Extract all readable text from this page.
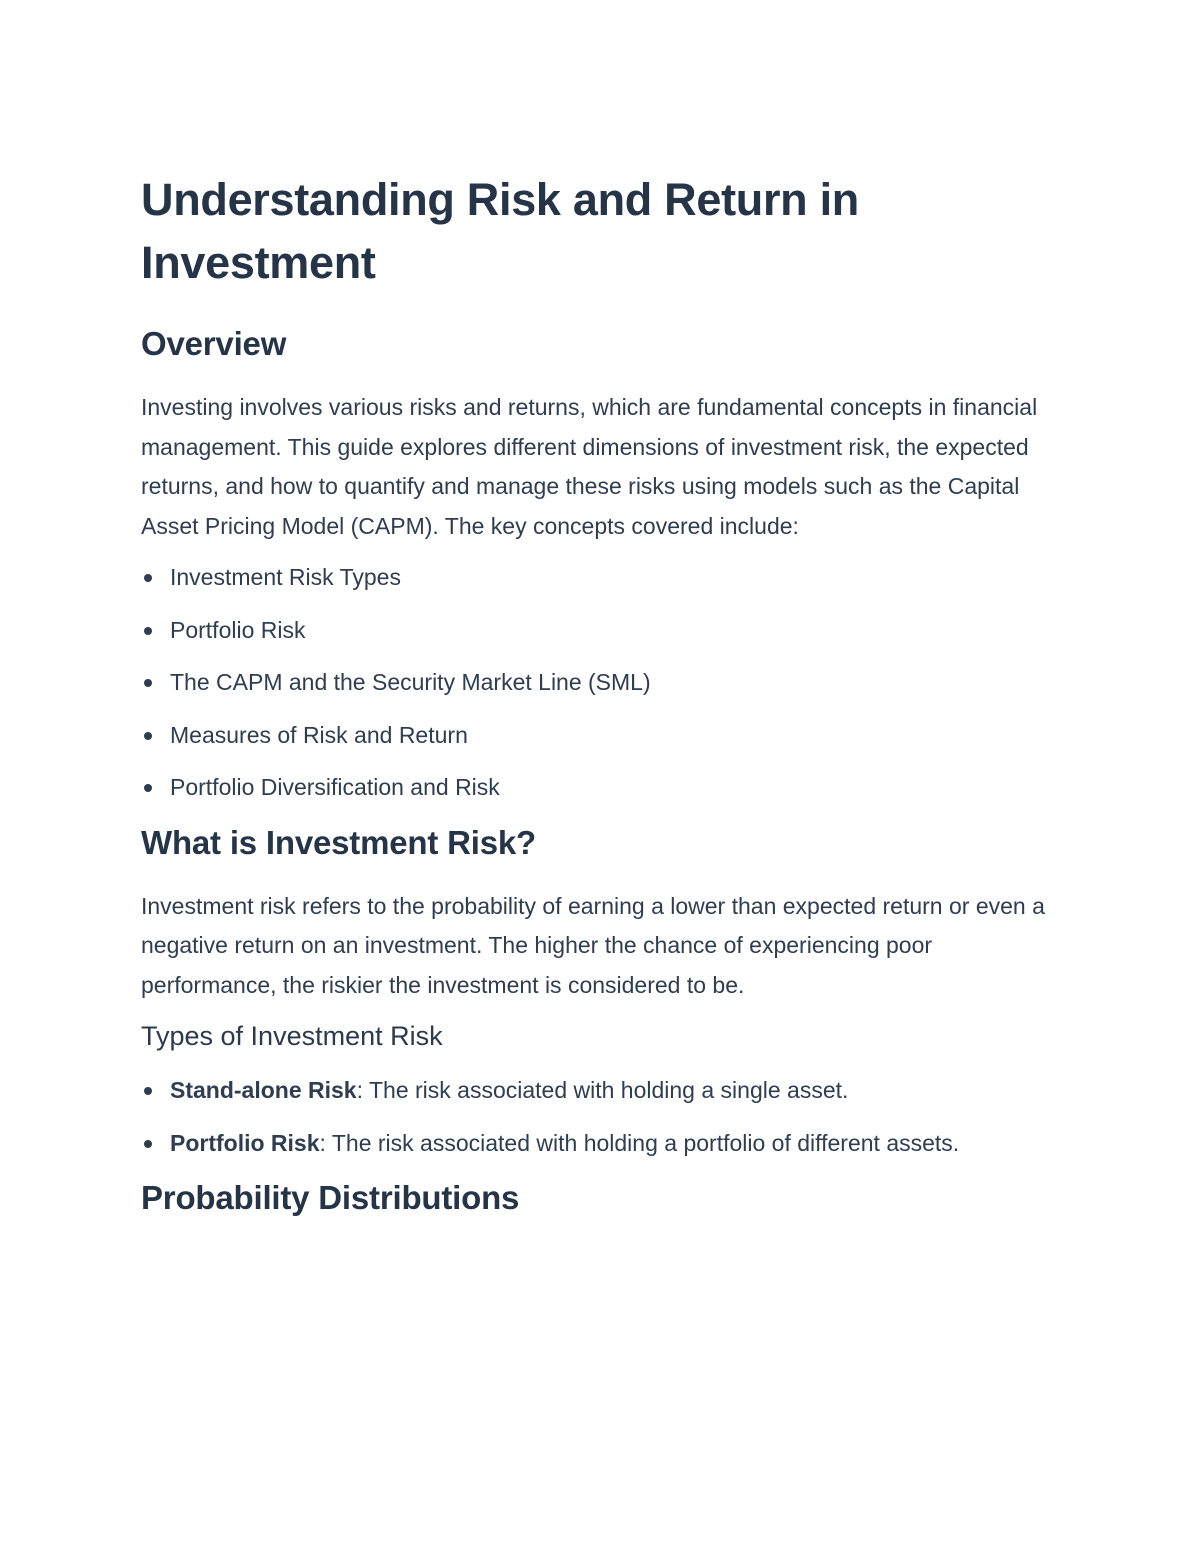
Understanding Risk and Return in Investment
Overview

Investing involves various risks and returns, which are fundamental concepts in financial management. This guide explores different dimensions of investment risk, the expected returns, and how to quantify and manage these risks using models such as the Capital Asset Pricing Model (CAPM). The key concepts covered include:

Investment Risk Types
Portfolio Risk
The CAPM and the Security Market Line (SML)
Measures of Risk and Return
Portfolio Diversification and Risk
What is Investment Risk?

Investment risk refers to the probability of earning a lower than expected return or even a negative return on an investment. The higher the chance of experiencing poor performance, the riskier the investment is considered to be.

Types of Investment Risk
Stand-alone Risk: The risk associated with holding a single asset.
Portfolio Risk: The risk associated with holding a portfolio of different assets.
Probability Distributions
